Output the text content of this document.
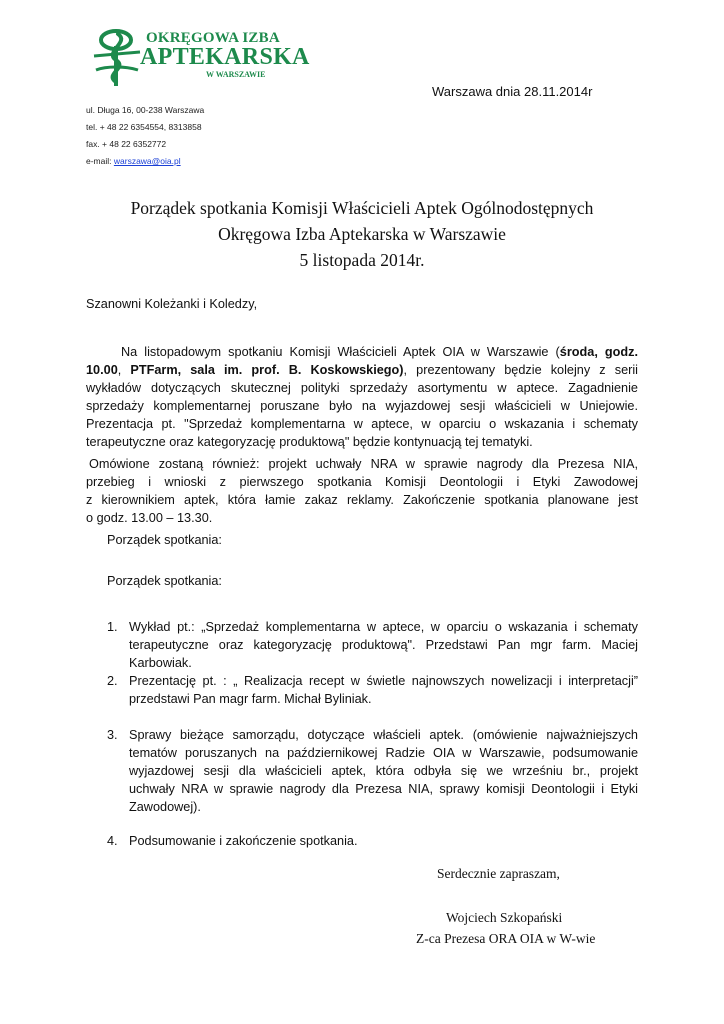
OKRĘGOWA IZBA
APTEKARSKA
W WARSZAWIE
Warszawa dnia 28.11.2014r
ul. Długa 16, 00-238 Warszawa
tel. + 48 22 6354554, 8313858
fax. + 48 22 6352772
e-mail: warszawa@oia.pl
Porządek spotkania Komisji Właścicieli Aptek Ogólnodostępnych
Okręgowa Izba Aptekarska w Warszawie
5 listopada 2014r.
Szanowni Koleżanki i Koledzy,
Na listopadowym spotkaniu Komisji Właścicieli Aptek OIA w Warszawie (środa, godz.
10.00, PTFarm, sala im. prof. B. Koskowskiego), prezentowany będzie kolejny z serii
wykładów dotyczących skutecznej polityki sprzedaży asortymentu w aptece. Zagadnienie
sprzedaży komplementarnej poruszane było na wyjazdowej sesji właścicieli w Uniejowie.
Prezentacja pt. "Sprzedaż komplementarna w aptece, w oparciu o wskazania i schematy
terapeutyczne oraz kategoryzację produktową" będzie kontynuacją tej tematyki.
Omówione zostaną również: projekt uchwały NRA w sprawie nagrody dla Prezesa NIA,
przebieg i wnioski z pierwszego spotkania Komisji Deontologii i Etyki Zawodowej
z kierownikiem aptek, która łamie zakaz reklamy. Zakończenie spotkania planowane jest
o godz. 13.00 – 13.30.
Porządek spotkania:
Porządek spotkania:
1. Wykład pt.: „Sprzedaż komplementarna w aptece, w oparciu o wskazania i schematy
terapeutyczne oraz kategoryzację produktową". Przedstawi Pan mgr farm. Maciej
Karbowiak.
2. Prezentację pt. : „ Realizacja recept w świetle najnowszych nowelizacji i interpretacji”
przedstawi Pan magr farm. Michał Byliniak.
3. Sprawy bieżące samorządu, dotyczące właścieli aptek. (omówienie najważniejszych
tematów poruszanych na październikowej Radzie OIA w Warszawie, podsumowanie
wyjazdowej sesji dla właścicieli aptek, która odbyła się we wrześniu br., projekt
uchwały NRA w sprawie nagrody dla Prezesa NIA, sprawy komisji Deontologii i Etyki
Zawodowej).
4. Podsumowanie i zakończenie spotkania.
Serdecznie zapraszam,
Wojciech Szkopański
Z-ca Prezesa ORA OIA w W-wie
